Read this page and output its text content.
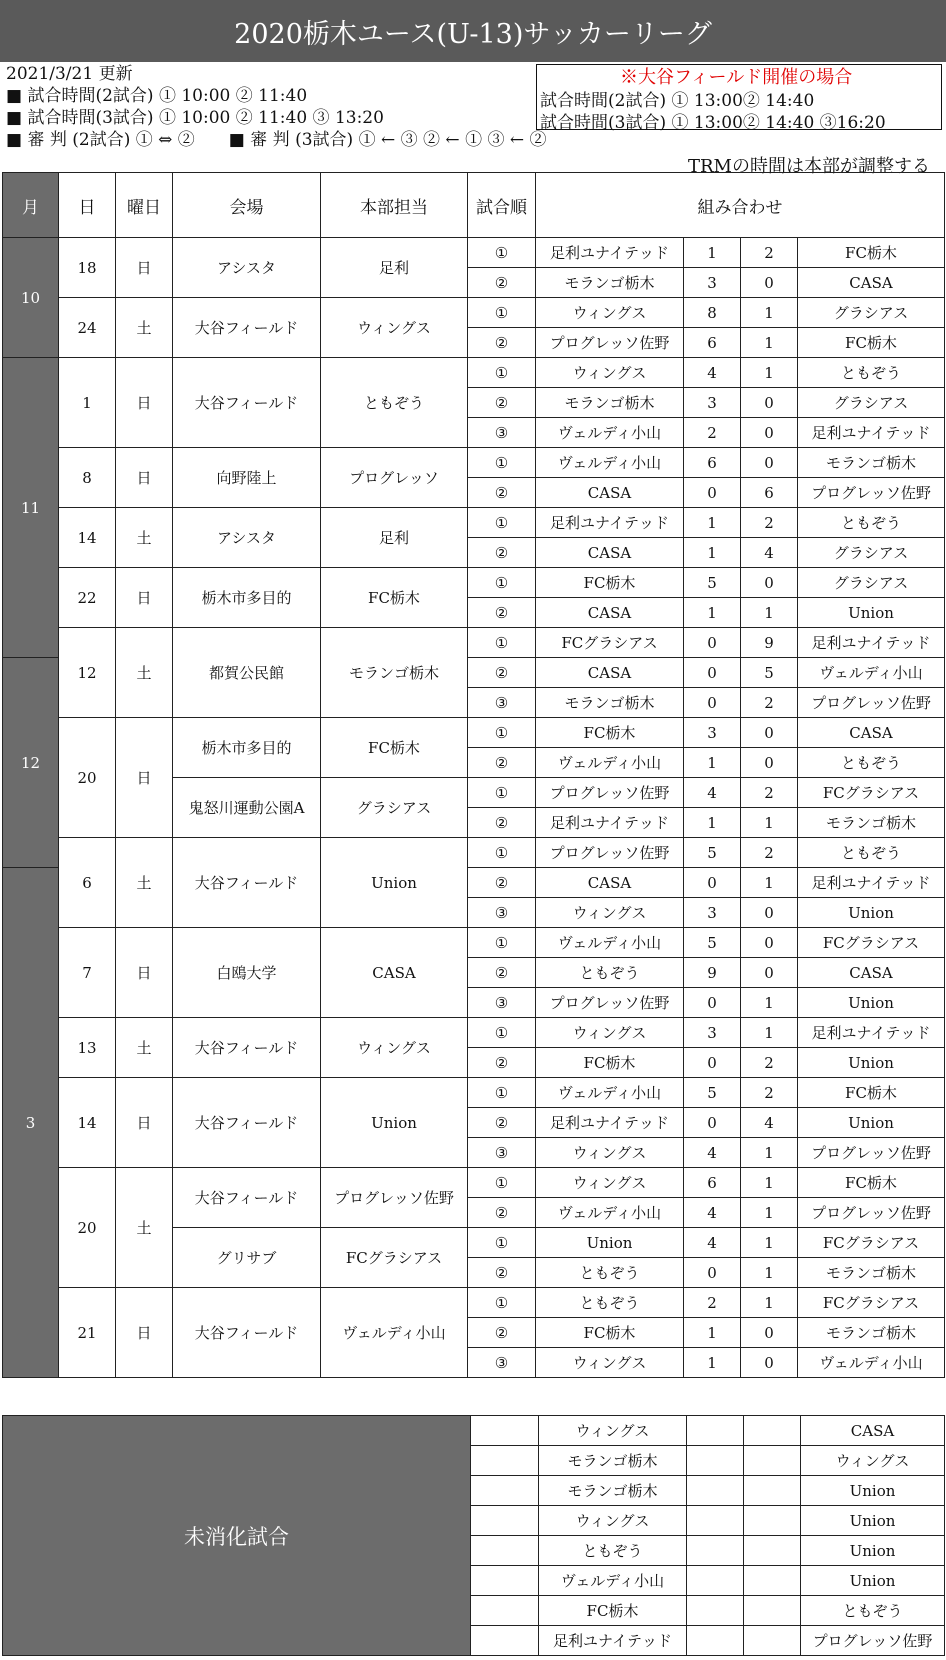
2020栃木ユース(U-13)サッカーリーグ
2021/3/21 更新
■ 試合時間(2試合) ① 10:00 ② 11:40
■ 試合時間(3試合) ① 10:00 ② 11:40 ③ 13:20
■ 審 判 (2試合) ① ⇔ ②　　■ 審 判 (3試合) ① ← ③ ② ← ① ③ ← ②
※大谷フィールド開催の場合
試合時間(2試合) ① 13:00② 14:40
試合時間(3試合) ① 13:00② 14:40 ③16:20
TRMの時間は本部が調整する
月	日	曜日	会場	本部担当	試合順	組み合わせ			
10	18	日	アシスタ	足利	①	足利ユナイテッド	1	2	FC栃木
					②	モランゴ栃木	3	0	CASA
	24	土	大谷フィールド	ウィングス	①	ウィングス	8	1	グラシアス
					②	プログレッソ佐野	6	1	FC栃木
11	1	日	大谷フィールド	ともぞう	①	ウィングス	4	1	ともぞう
					②	モランゴ栃木	3	0	グラシアス
					③	ヴェルディ小山	2	0	足利ユナイテッド
	8	日	向野陸上	プログレッソ	①	ヴェルディ小山	6	0	モランゴ栃木
					②	CASA	0	6	プログレッソ佐野
	14	土	アシスタ	足利	①	足利ユナイテッド	1	2	ともぞう
					②	CASA	1	4	グラシアス
	22	日	栃木市多目的	FC栃木	①	FC栃木	5	0	グラシアス
					②	CASA	1	1	Union
	12	土	都賀公民館	モランゴ栃木	①	FCグラシアス	0	9	足利ユナイテッド
12					②	CASA	0	5	ヴェルディ小山
					③	モランゴ栃木	0	2	プログレッソ佐野
	20	日	栃木市多目的	FC栃木	①	FC栃木	3	0	CASA
					②	ヴェルディ小山	1	0	ともぞう
			鬼怒川運動公園A	グラシアス	①	プログレッソ佐野	4	2	FCグラシアス
					②	足利ユナイテッド	1	1	モランゴ栃木
	6	土	大谷フィールド	Union	①	プログレッソ佐野	5	2	ともぞう
3					②	CASA	0	1	足利ユナイテッド
					③	ウィングス	3	0	Union
	7	日	白鴎大学	CASA	①	ヴェルディ小山	5	0	FCグラシアス
					②	ともぞう	9	0	CASA
					③	プログレッソ佐野	0	1	Union
	13	土	大谷フィールド	ウィングス	①	ウィングス	3	1	足利ユナイテッド
					②	FC栃木	0	2	Union
	14	日	大谷フィールド	Union	①	ヴェルディ小山	5	2	FC栃木
					②	足利ユナイテッド	0	4	Union
					③	ウィングス	4	1	プログレッソ佐野
	20	土	大谷フィールド	プログレッソ佐野	①	ウィングス	6	1	FC栃木
					②	ヴェルディ小山	4	1	プログレッソ佐野
			グリサブ	FCグラシアス	①	Union	4	1	FCグラシアス
					②	ともぞう	0	1	モランゴ栃木
	21	日	大谷フィールド	ヴェルディ小山	①	ともぞう	2	1	FCグラシアス
					②	FC栃木	1	0	モランゴ栃木
					③	ウィングス	1	0	ヴェルディ小山
未消化試合		ウィングス			CASA
		モランゴ栃木			ウィングス
		モランゴ栃木			Union
		ウィングス			Union
		ともぞう			Union
		ヴェルディ小山			Union
		FC栃木			ともぞう
		足利ユナイテッド			プログレッソ佐野
